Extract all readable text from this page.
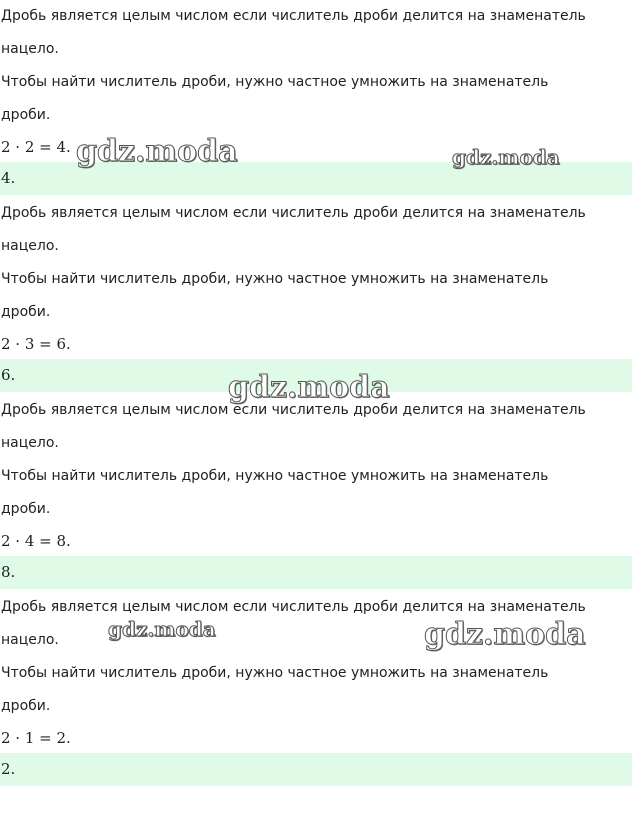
Дробь является целым числом если числитель дроби делится на знаменатель
нацело.
Чтобы найти числитель дроби, нужно частное умножить на знаменатель
дроби.
2 · 2 = 4.
4.
Дробь является целым числом если числитель дроби делится на знаменатель
нацело.
Чтобы найти числитель дроби, нужно частное умножить на знаменатель
дроби.
2 · 3 = 6.
6.
Дробь является целым числом если числитель дроби делится на знаменатель
нацело.
Чтобы найти числитель дроби, нужно частное умножить на знаменатель
дроби.
2 · 4 = 8.
8.
Дробь является целым числом если числитель дроби делится на знаменатель
нацело.
Чтобы найти числитель дроби, нужно частное умножить на знаменатель
дроби.
2 · 1 = 2.
2.
gdz.moda	gdz.moda
gdz.moda
gdz.moda	gdz.moda
